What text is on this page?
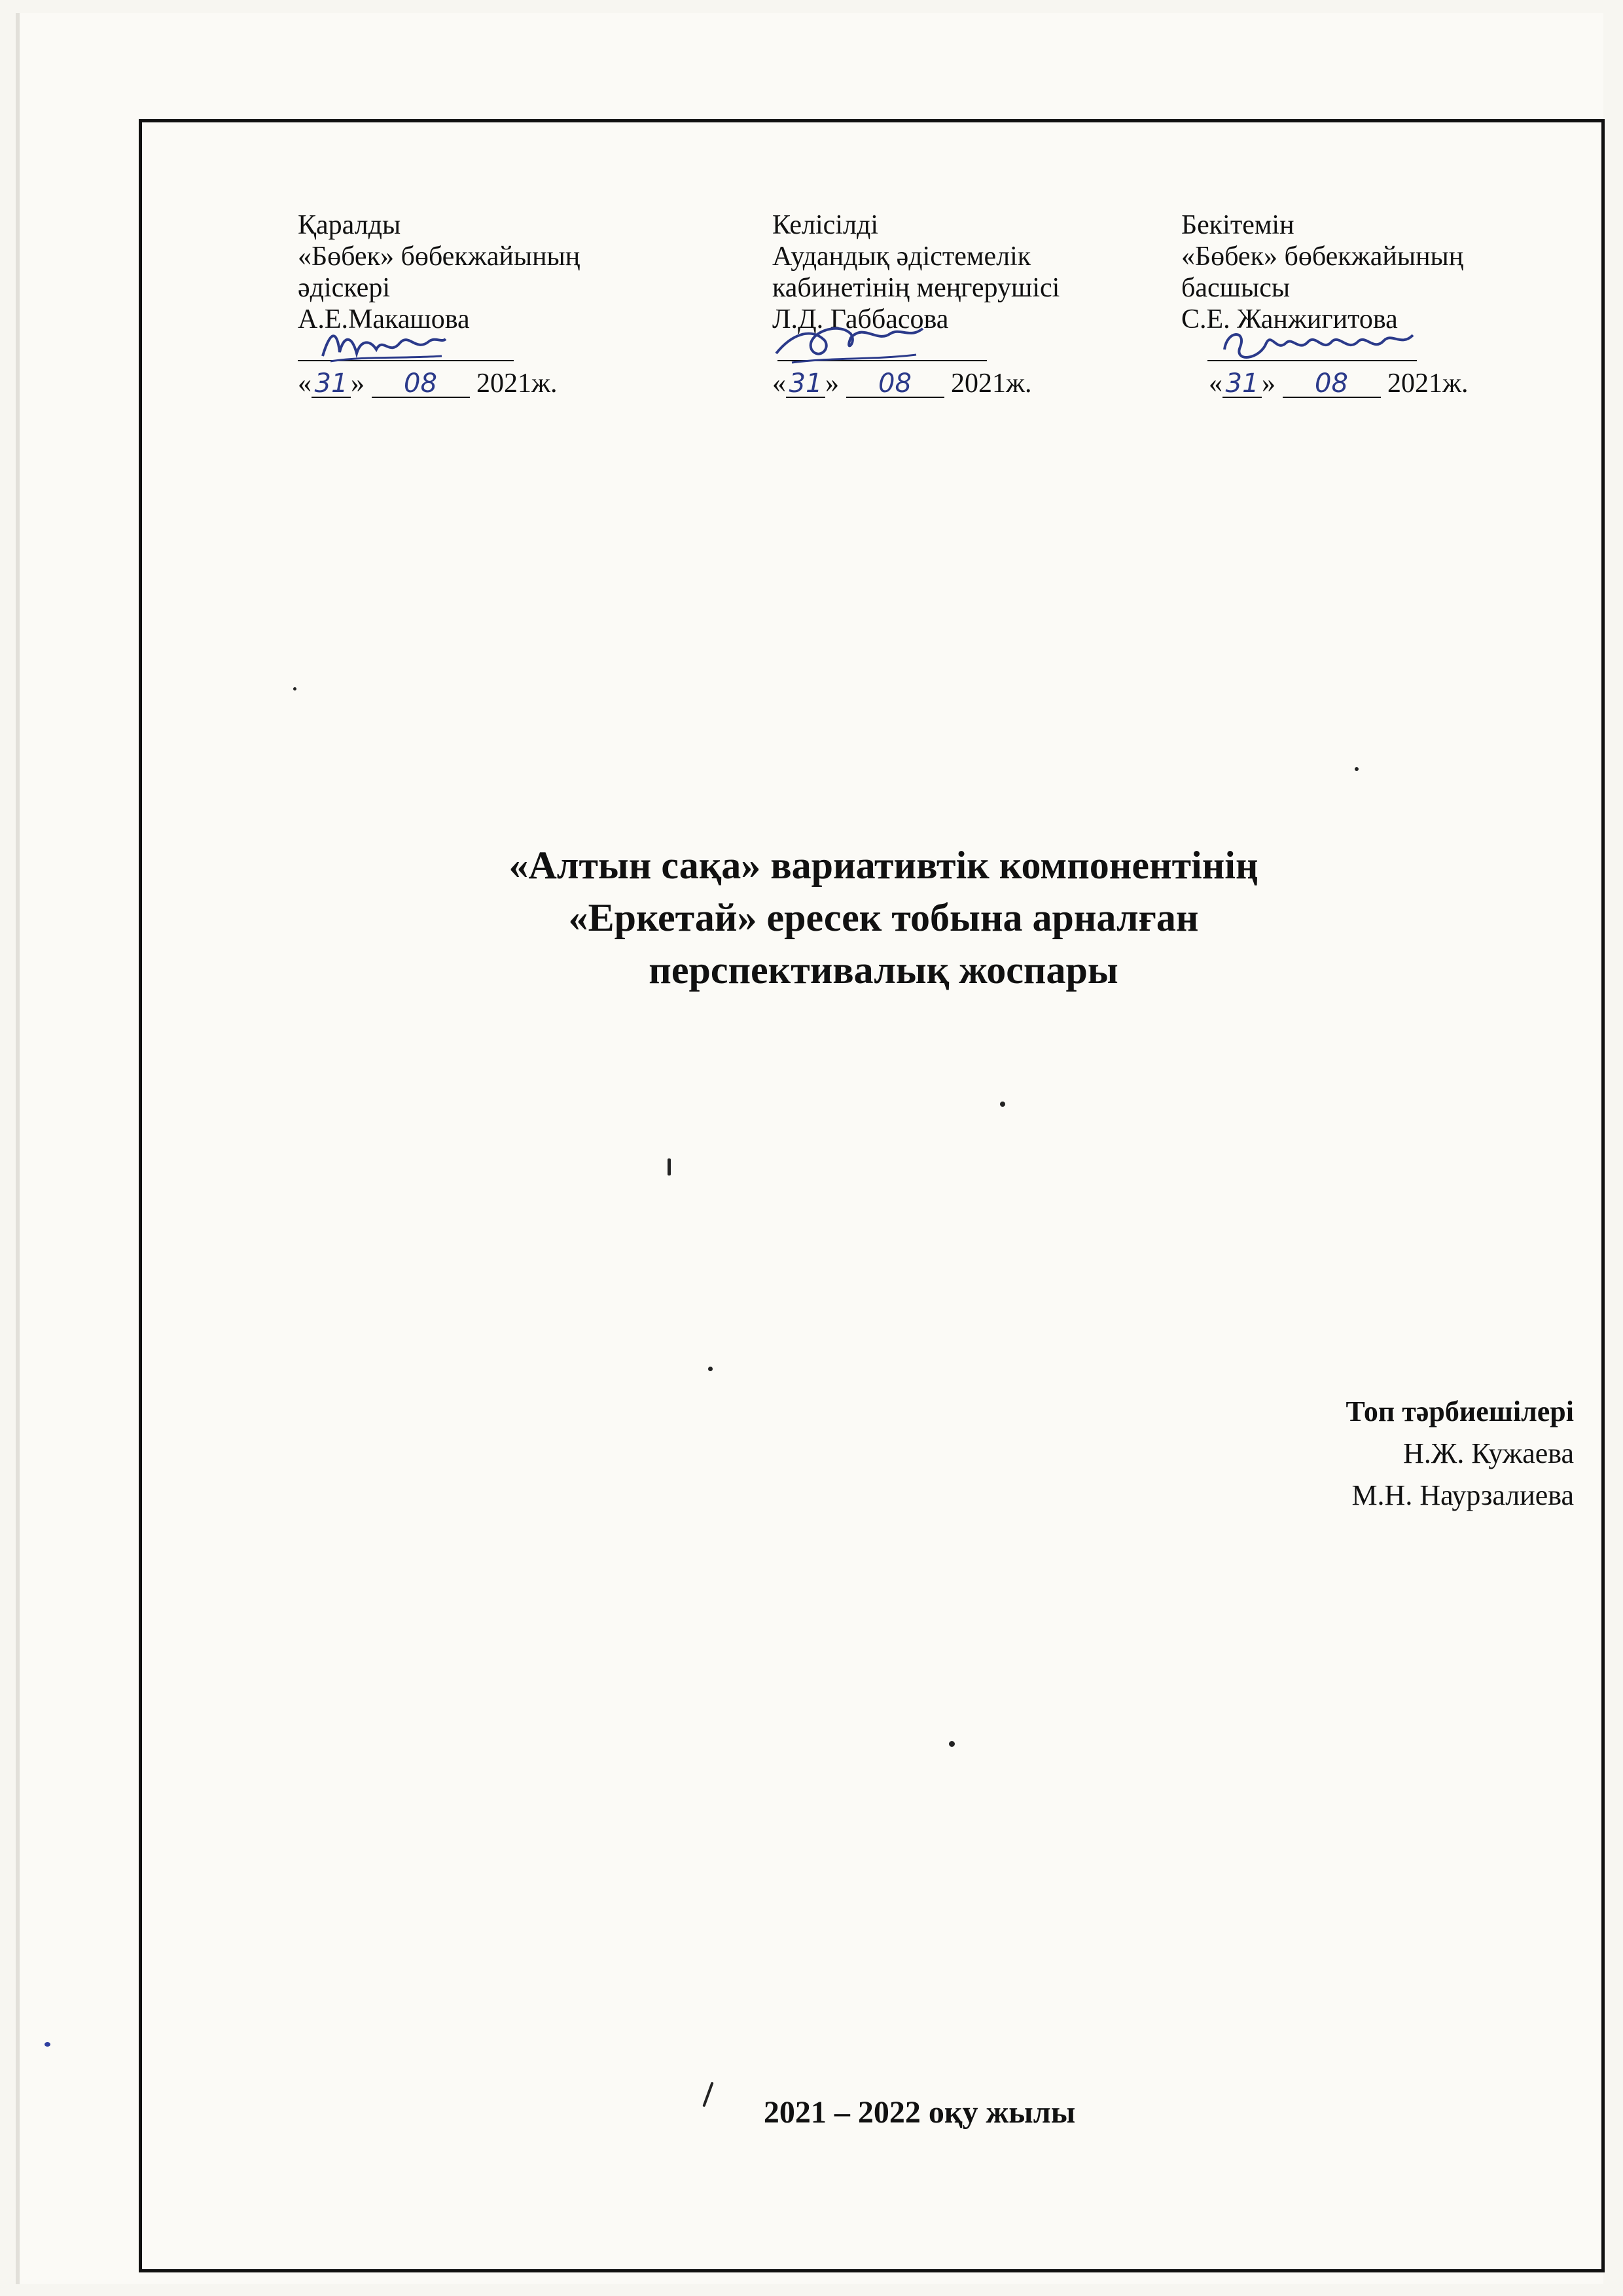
Қаралды
«Бөбек» бөбекжайының
әдіскері
А.Е.Макашова
« 31 » 08 2021ж.
Келісілді
Аудандық әдістемелік
кабинетінің меңгерушісі
Л.Д. Габбасова
« 31 » 08 2021ж.
Бекітемін
«Бөбек» бөбекжайының
басшысы
С.Е. Жанжигитова
« 31 » 08 2021ж.
«Алтын сақа» вариативтік компонентінің
«Еркетай» ересек тобына арналған
перспективалық жоспары
Топ тәрбиешілері
Н.Ж. Кужаева
М.Н. Наурзалиева
2021 – 2022 оқу жылы
